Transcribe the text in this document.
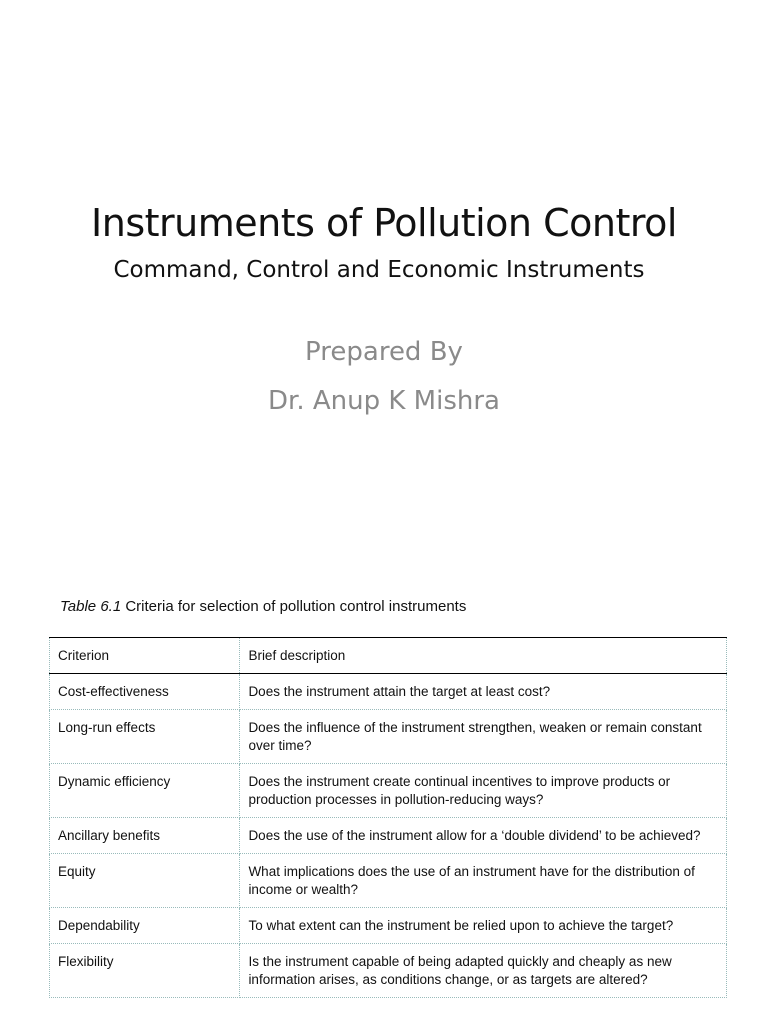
Instruments of Pollution Control
Command, Control and Economic Instruments
Prepared By
Dr. Anup K Mishra
Table 6.1 Criteria for selection of pollution control instruments
Criterion	Brief description
Cost-effectiveness	Does the instrument attain the target at least cost?
Long-run effects	Does the influence of the instrument strengthen, weaken or remain constant over time?
Dynamic efficiency	Does the instrument create continual incentives to improve products or production processes in pollution-reducing ways?
Ancillary benefits	Does the use of the instrument allow for a ‘double dividend’ to be achieved?
Equity	What implications does the use of an instrument have for the distribution of income or wealth?
Dependability	To what extent can the instrument be relied upon to achieve the target?
Flexibility	Is the instrument capable of being adapted quickly and cheaply as new information arises, as conditions change, or as targets are altered?
